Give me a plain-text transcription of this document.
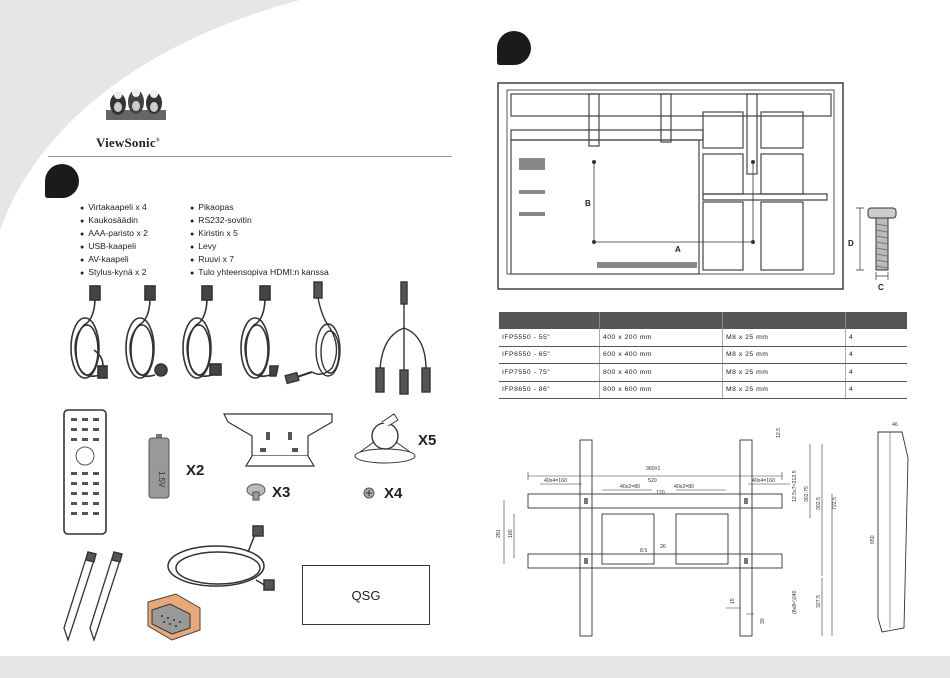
ViewSonic®
● Virtakaapeli x 4
● Kaukosäädin
● AAA-paristo x 2
● USB-kaapeli
● AV-kaapeli
● Stylus-kynä x 2
● Pikaopas
● RS232-sovitin
● Kiristin x 5
● Levy
● Ruuvi x 7
● Tulo yhteensopiva HDMI:n kanssa
1.5V
X2
X5
X3	X4
QSG
A
B
D
C

IFP5550 - 55"	400 x 200 mm	M8 x 25 mm	4
IFP6550 - 65"	600 x 400 mm	M8 x 25 mm	4
IFP7550 - 75"	800 x 400 mm	M8 x 25 mm	4
IFP8650 - 86"	800 x 600 mm	M8 x 25 mm	4
960±1
520
40x4=160	40x4=160
40x2=80	40x2=80
120
26
8.5
281 180
12.5
12.5x7=212.5 302.75
302.5 722.5
(8x8=)240	327.5
15
30
46
650
